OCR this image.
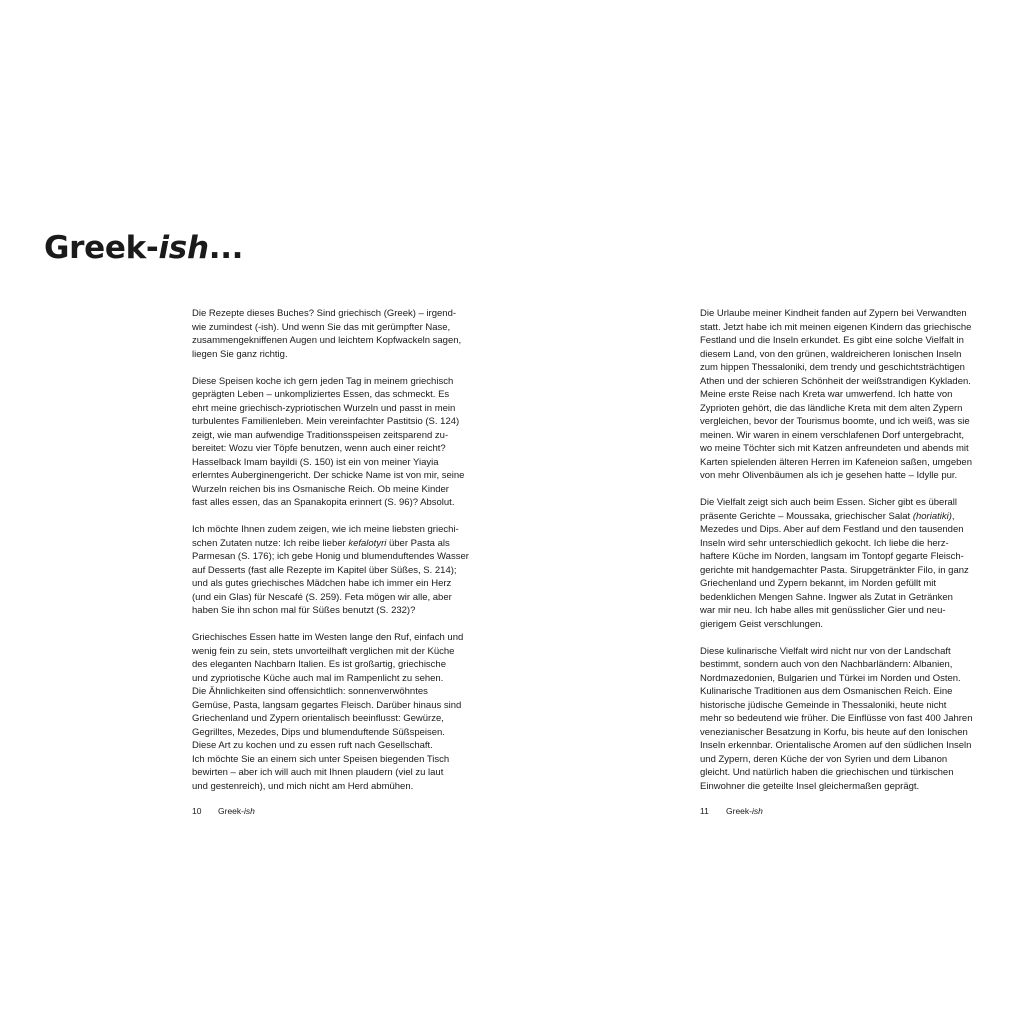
Greek-ish...

Die Rezepte dieses Buches? Sind griechisch (Greek) – irgend-
wie zumindest (-ish). Und wenn Sie das mit gerümpfter Nase,
zusammengekniffenen Augen und leichtem Kopfwackeln sagen,
liegen Sie ganz richtig.

Diese Speisen koche ich gern jeden Tag in meinem griechisch
geprägten Leben – unkompliziertes Essen, das schmeckt. Es
ehrt meine griechisch-zypriotischen Wurzeln und passt in mein
turbulentes Familienleben. Mein vereinfachter Pastitsio (S. 124)
zeigt, wie man aufwendige Traditionsspeisen zeitsparend zu-
bereitet: Wozu vier Töpfe benutzen, wenn auch einer reicht?
Hasselback Imam bayildi (S. 150) ist ein von meiner Yiayia
erlerntes Auberginengericht. Der schicke Name ist von mir, seine
Wurzeln reichen bis ins Osmanische Reich. Ob meine Kinder
fast alles essen, das an Spanakopita erinnert (S. 96)? Absolut.

Ich möchte Ihnen zudem zeigen, wie ich meine liebsten griechi-
schen Zutaten nutze: Ich reibe lieber kefalotyri über Pasta als
Parmesan (S. 176); ich gebe Honig und blumenduftendes Wasser
auf Desserts (fast alle Rezepte im Kapitel über Süßes, S. 214);
und als gutes griechisches Mädchen habe ich immer ein Herz
(und ein Glas) für Nescafé (S. 259). Feta mögen wir alle, aber
haben Sie ihn schon mal für Süßes benutzt (S. 232)?

Griechisches Essen hatte im Westen lange den Ruf, einfach und
wenig fein zu sein, stets unvorteilhaft verglichen mit der Küche
des eleganten Nachbarn Italien. Es ist großartig, griechische
und zypriotische Küche auch mal im Rampenlicht zu sehen.
Die Ähnlichkeiten sind offensichtlich: sonnenverwöhntes
Gemüse, Pasta, langsam gegartes Fleisch. Darüber hinaus sind
Griechenland und Zypern orientalisch beeinflusst: Gewürze,
Gegrilltes, Mezedes, Dips und blumenduftende Süßspeisen.
Diese Art zu kochen und zu essen ruft nach Gesellschaft.
Ich möchte Sie an einem sich unter Speisen biegenden Tisch
bewirten – aber ich will auch mit Ihnen plaudern (viel zu laut
und gestenreich), und mich nicht am Herd abmühen.

10 Greek-ish

Die Urlaube meiner Kindheit fanden auf Zypern bei Verwandten
statt. Jetzt habe ich mit meinen eigenen Kindern das griechische
Festland und die Inseln erkundet. Es gibt eine solche Vielfalt in
diesem Land, von den grünen, waldreicheren Ionischen Inseln
zum hippen Thessaloniki, dem trendy und geschichtsträchtigen
Athen und der schieren Schönheit der weißstrandigen Kykladen.
Meine erste Reise nach Kreta war umwerfend. Ich hatte von
Zyprioten gehört, die das ländliche Kreta mit dem alten Zypern
vergleichen, bevor der Tourismus boomte, und ich weiß, was sie
meinen. Wir waren in einem verschlafenen Dorf untergebracht,
wo meine Töchter sich mit Katzen anfreundeten und abends mit
Karten spielenden älteren Herren im Kafeneion saßen, umgeben
von mehr Olivenbäumen als ich je gesehen hatte – Idylle pur.

Die Vielfalt zeigt sich auch beim Essen. Sicher gibt es überall
präsente Gerichte – Moussaka, griechischer Salat (horiatiki),
Mezedes und Dips. Aber auf dem Festland und den tausenden
Inseln wird sehr unterschiedlich gekocht. Ich liebe die herz-
haftere Küche im Norden, langsam im Tontopf gegarte Fleisch-
gerichte mit handgemachter Pasta. Sirupgetränkter Filo, in ganz
Griechenland und Zypern bekannt, im Norden gefüllt mit
bedenklichen Mengen Sahne. Ingwer als Zutat in Getränken
war mir neu. Ich habe alles mit genüsslicher Gier und neu-
gierigem Geist verschlungen.

Diese kulinarische Vielfalt wird nicht nur von der Landschaft
bestimmt, sondern auch von den Nachbarländern: Albanien,
Nordmazedonien, Bulgarien und Türkei im Norden und Osten.
Kulinarische Traditionen aus dem Osmanischen Reich. Eine
historische jüdische Gemeinde in Thessaloniki, heute nicht
mehr so bedeutend wie früher. Die Einflüsse von fast 400 Jahren
venezianischer Besatzung in Korfu, bis heute auf den Ionischen
Inseln erkennbar. Orientalische Aromen auf den südlichen Inseln
und Zypern, deren Küche der von Syrien und dem Libanon
gleicht. Und natürlich haben die griechischen und türkischen
Einwohner die geteilte Insel gleichermaßen geprägt.

11 Greek-ish
